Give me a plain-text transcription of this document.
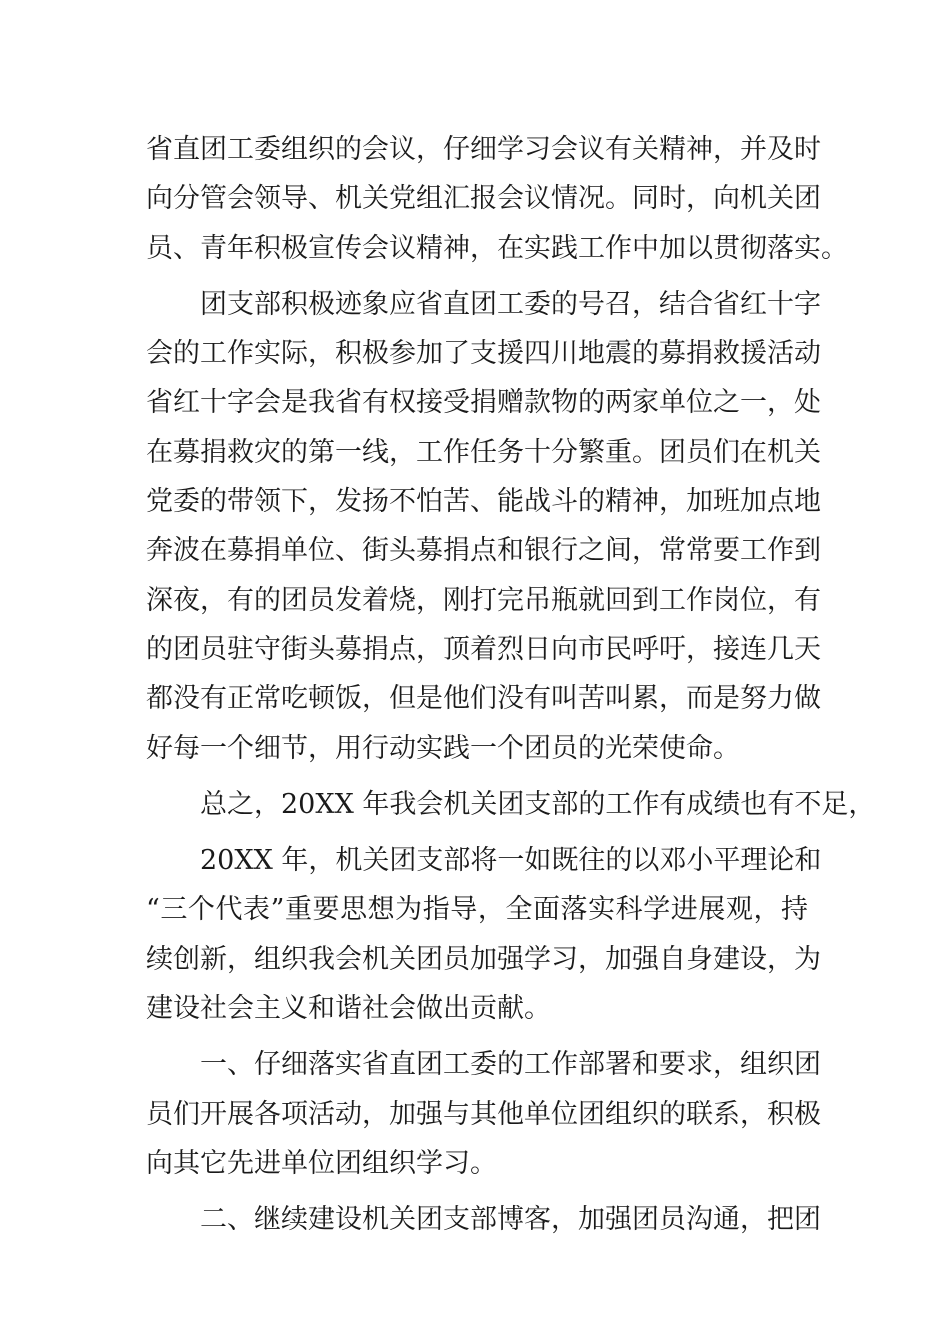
省直团工委组织的会议，仔细学习会议有关精神，并及时
向分管会领导、机关党组汇报会议情况。同时，向机关团
员、青年积极宣传会议精神，在实践工作中加以贯彻落实。
团支部积极迹象应省直团工委的号召，结合省红十字
会的工作实际，积极参加了支援四川地震的募捐救援活动
省红十字会是我省有权接受捐赠款物的两家单位之一，处
在募捐救灾的第一线，工作任务十分繁重。团员们在机关
党委的带领下，发扬不怕苦、能战斗的精神，加班加点地
奔波在募捐单位、街头募捐点和银行之间，常常要工作到
深夜，有的团员发着烧，刚打完吊瓶就回到工作岗位，有
的团员驻守街头募捐点，顶着烈日向市民呼吁，接连几天
都没有正常吃顿饭，但是他们没有叫苦叫累，而是努力做
好每一个细节，用行动实践一个团员的光荣使命。
总之，20XX 年我会机关团支部的工作有成绩也有不足，
20XX 年，机关团支部将一如既往的以邓小平理论和
“三个代表”重要思想为指导，全面落实科学进展观，持
续创新，组织我会机关团员加强学习，加强自身建设，为
建设社会主义和谐社会做出贡献。
一、仔细落实省直团工委的工作部署和要求，组织团
员们开展各项活动，加强与其他单位团组织的联系，积极
向其它先进单位团组织学习。
二、继续建设机关团支部博客，加强团员沟通，把团
